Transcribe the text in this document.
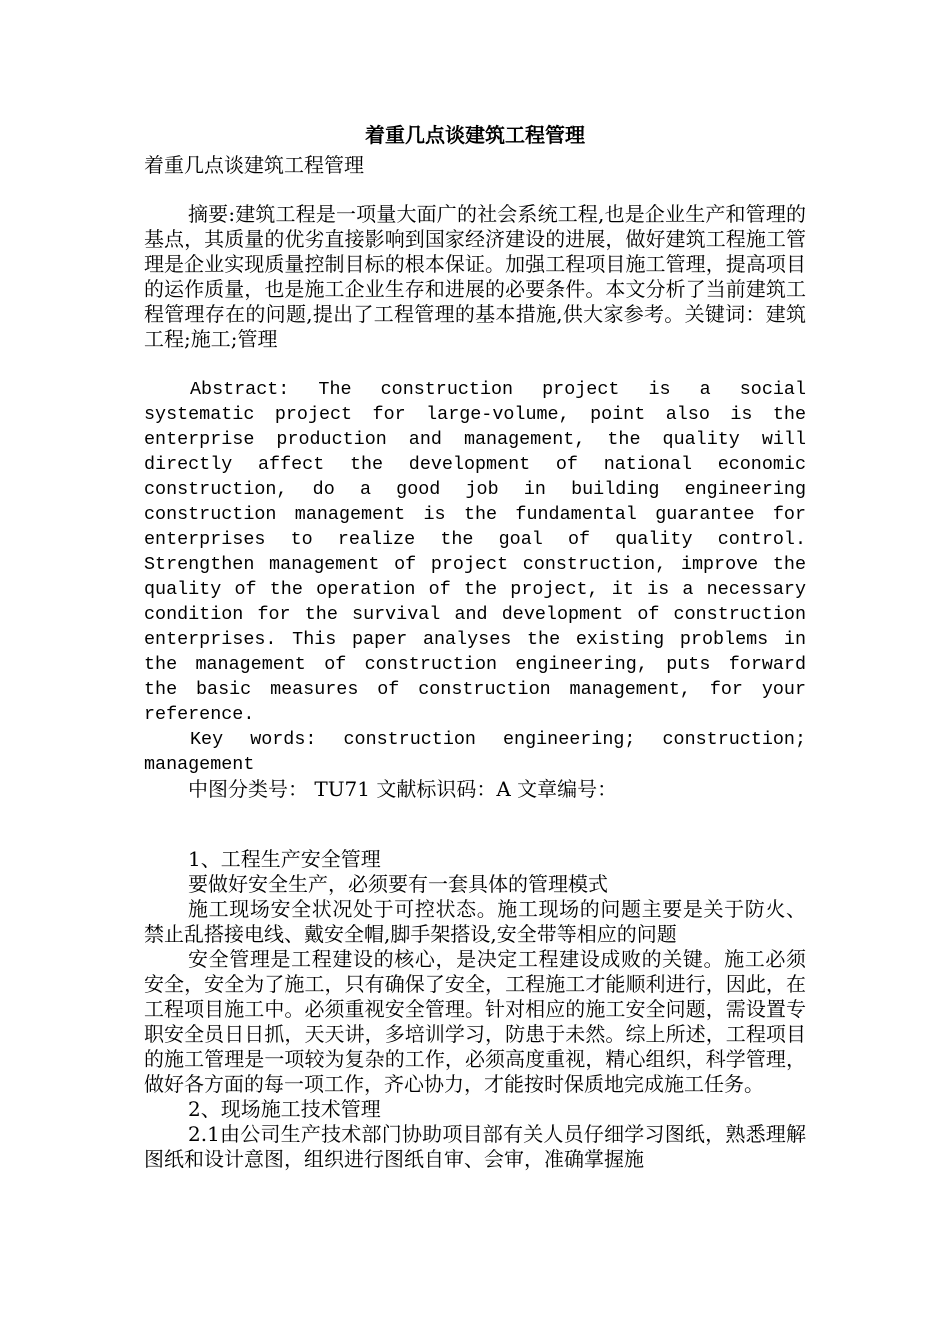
着重几点谈建筑工程管理

着重几点谈建筑工程管理

摘要:建筑工程是一项量大面广的社会系统工程,也是企业生产和管理的基点，其质量的优劣直接影响到国家经济建设的进展，做好建筑工程施工管理是企业实现质量控制目标的根本保证。加强工程项目施工管理，提高项目的运作质量，也是施工企业生存和进展的必要条件。本文分析了当前建筑工程管理存在的问题,提出了工程管理的基本措施,供大家参考。关键词：建筑工程;施工;管理

Abstract: The construction project is a social systematic project for large-volume, point also is the enterprise production and management, the quality will directly affect the development of national economic construction, do a good job in building engineering construction management is the fundamental guarantee for enterprises to realize the goal of quality control. Strengthen management of project construction, improve the quality of the operation of the project, it is a necessary condition for the survival and development of construction enterprises. This paper analyses the existing problems in the management of construction engineering, puts forward the basic measures of construction management, for your reference.

Key words: construction engineering; construction; management

中图分类号： TU71 文献标识码：A 文章编号：

1、工程生产安全管理

要做好安全生产，必须要有一套具体的管理模式

施工现场安全状况处于可控状态。施工现场的问题主要是关于防火、禁止乱搭接电线、戴安全帽,脚手架搭设,安全带等相应的问题

安全管理是工程建设的核心，是决定工程建设成败的关键。施工必须安全，安全为了施工，只有确保了安全，工程施工才能顺利进行，因此，在工程项目施工中。必须重视安全管理。针对相应的施工安全问题，需设置专职安全员日日抓，天天讲，多培训学习，防患于未然。综上所述，工程项目的施工管理是一项较为复杂的工作，必须高度重视，精心组织，科学管理，做好各方面的每一项工作，齐心协力，才能按时保质地完成施工任务。

2、现场施工技术管理

2.1由公司生产技术部门协助项目部有关人员仔细学习图纸，熟悉理解图纸和设计意图，组织进行图纸自审、会审，准确掌握施
